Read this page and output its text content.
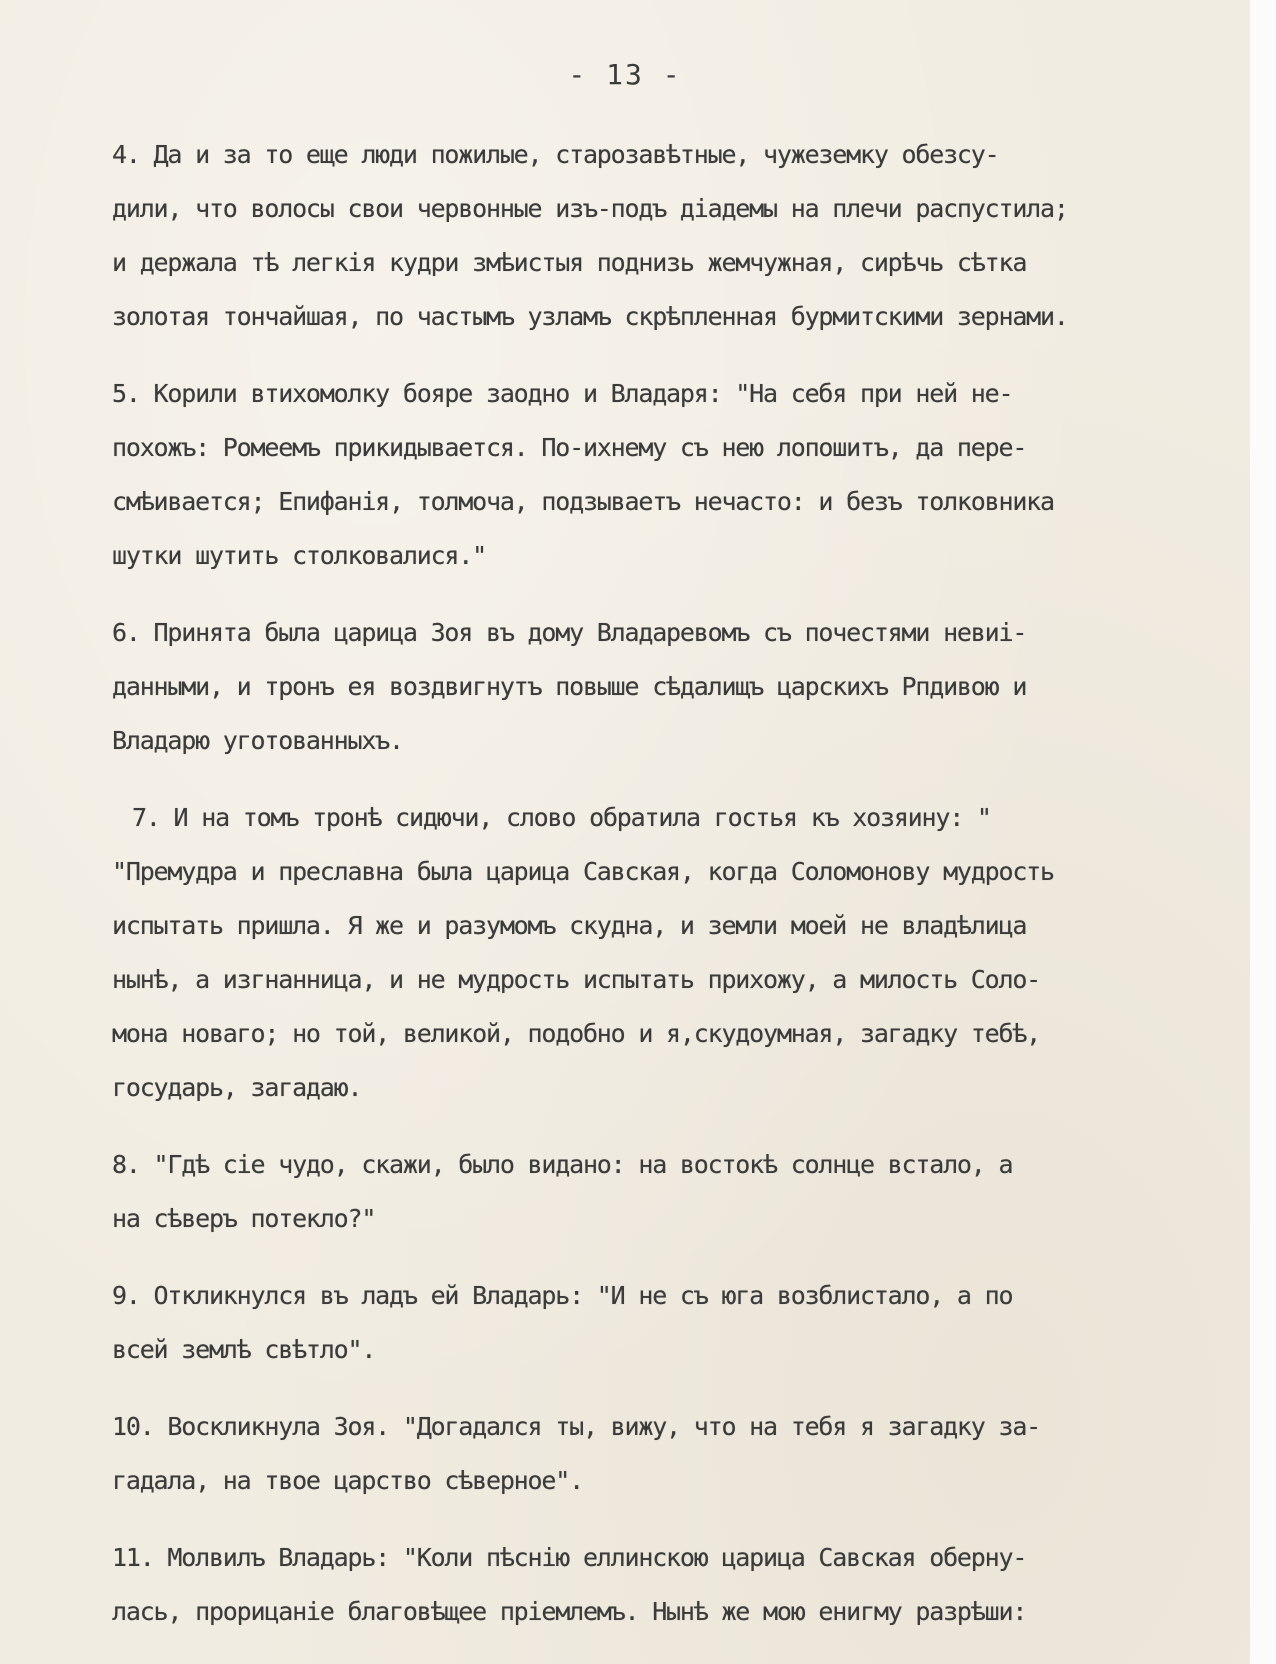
- 13 -
4. Да и за то еще люди пожилые, старозавѣтные, чужеземку обезсу-
дили, что волосы свои червонные изъ-подъ діадемы на плечи распустила;
и держала тѣ легкія кудри змѣистыя поднизь жемчужная, сирѣчь сѣтка
золотая тончайшая, по частымъ узламъ скрѣпленная бурмитскими зернами.
5. Корили втихомолку бояре заодно и Владаря: "На себя при ней не-
похожъ: Ромеемъ прикидывается. По-ихнему съ нею лопошитъ, да пере-
смѣивается; Епифанія, толмоча, подзываетъ нечасто: и безъ толковника
шутки шутить столковалися."
6. Принята была царица Зоя въ дому Владаревомъ съ почестями невиі-
данными, и тронъ ея воздвигнутъ повыше сѣдалищъ царскихъ Рпдивою и
Владарю уготованныхъ.
7. И на томъ тронѣ сидючи, слово обратила гостья къ хозяину: "
"Премудра и преславна была царица Савская, когда Соломонову мудрость
испытать пришла. Я же и разумомъ скудна, и земли моей не владѣлица
нынѣ, а изгнанница, и не мудрость испытать прихожу, а милость Соло-
мона новаго; но той, великой, подобно и я,скудоумная, загадку тебѣ,
государь, загадаю.
8. "Гдѣ сіе чудо, скажи, было видано: на востокѣ солнце встало, а
на сѣверъ потекло?"
9. Откликнулся въ ладъ ей Владарь: "И не съ юга возблистало, а по
всей землѣ свѣтло".
10. Воскликнула Зоя. "Догадался ты, вижу, что на тебя я загадку за-
гадала, на твое царство сѣверное".
11. Молвилъ Владарь: "Коли пѣснію еллинскою царица Савская оберну-
лась, прорицаніе благовѣщее пріемлемъ. Нынѣ же мою енигму разрѣши:
